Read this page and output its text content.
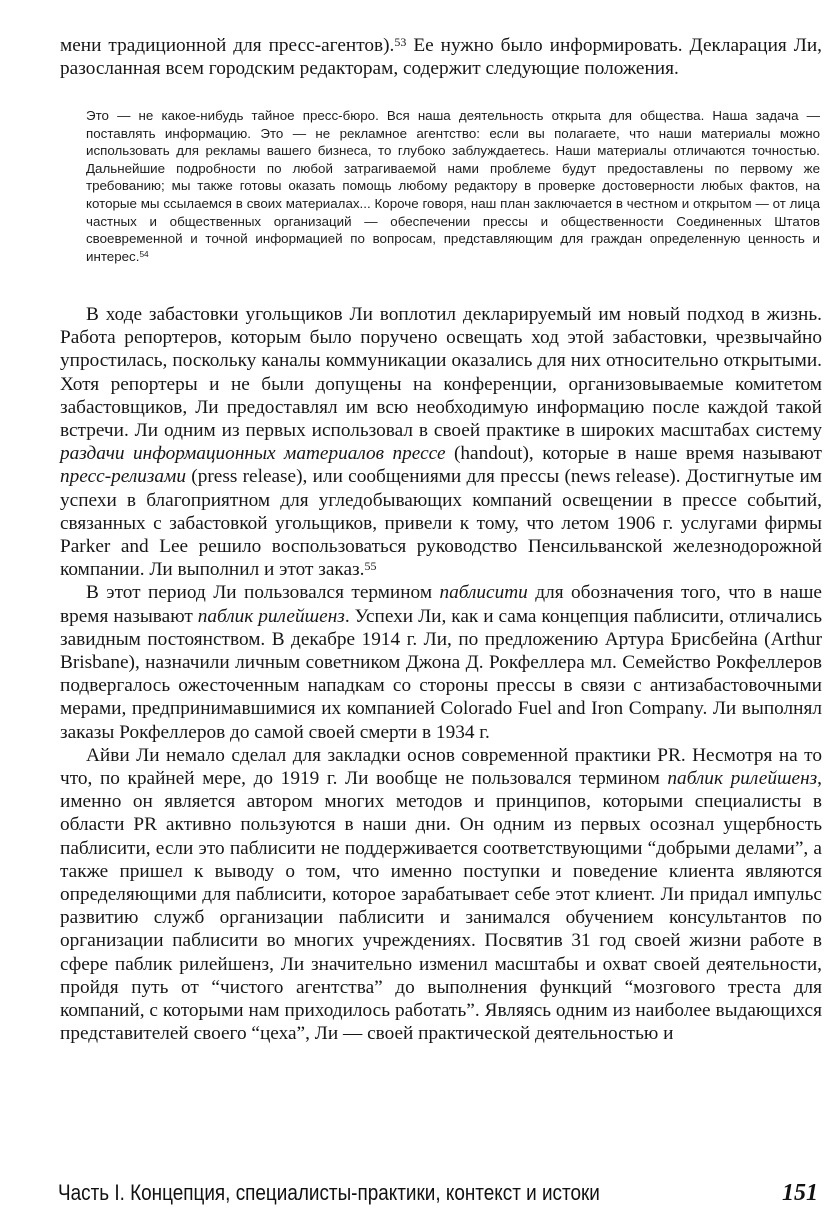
мени традиционной для пресс-агентов).$^{53}$ Ее нужно было информировать. Декларация Ли, разосланная всем городским редакторам, содержит следующие положения.
Это — не какое-нибудь тайное пресс-бюро. Вся наша деятельность открыта для общества. Наша задача — поставлять информацию. Это — не рекламное агентство: если вы полагаете, что наши материалы можно использовать для рекламы вашего бизнеса, то глубоко заблуждаетесь. Наши материалы отличаются точностью. Дальнейшие подробности по любой затрагиваемой нами проблеме будут предоставлены по первому же требованию; мы также готовы оказать помощь любому редактору в проверке достоверности любых фактов, на которые мы ссылаемся в своих материалах... Короче говоря, наш план заключается в честном и открытом — от лица частных и общественных организаций — обеспечении прессы и общественности Соединенных Штатов своевременной и точной информацией по вопросам, представляющим для граждан определенную ценность и интерес.$^{54}$

В ходе забастовки угольщиков Ли воплотил декларируемый им новый подход в жизнь. Работа репортеров, которым было поручено освещать ход этой забастовки, чрезвычайно упростилась, поскольку каналы коммуникации оказались для них относительно открытыми. Хотя репортеры и не были допущены на конференции, организовываемые комитетом забастовщиков, Ли предоставлял им всю необходимую информацию после каждой такой встречи. Ли одним из первых использовал в своей практике в широких масштабах систему раздачи информационных материалов прессе (handout), которые в наше время называют пресс-релизами (press release), или сообщениями для прессы (news release). Достигнутые им успехи в благоприятном для угледобывающих компаний освещении в прессе событий, связанных с забастовкой угольщиков, привели к тому, что летом 1906 г. услугами фирмы Parker and Lee решило воспользоваться руководство Пенсильванской железнодорожной компании. Ли выполнил и этот заказ.$^{55}$

В этот период Ли пользовался термином паблисити для обозначения того, что в наше время называют паблик рилейшенз. Успехи Ли, как и сама концепция паблисити, отличались завидным постоянством. В декабре 1914 г. Ли, по предложению Артура Брисбейна (Arthur Brisbane), назначили личным советником Джона Д. Рокфеллера мл. Семейство Рокфеллеров подвергалось ожесточенным нападкам со стороны прессы в связи с антизабастовочными мерами, предпринимавшимися их компанией Colorado Fuel and Iron Company. Ли выполнял заказы Рокфеллеров до самой своей смерти в 1934 г.

Айви Ли немало сделал для закладки основ современной практики PR. Несмотря на то что, по крайней мере, до 1919 г. Ли вообще не пользовался термином паблик рилейшенз, именно он является автором многих методов и принципов, которыми специалисты в области PR активно пользуются в наши дни. Он одним из первых осознал ущербность паблисити, если это паблисити не поддерживается соответствующими “добрыми делами”, а также пришел к выводу о том, что именно поступки и поведение клиента являются определяющими для паблисити, которое зарабатывает себе этот клиент. Ли придал импульс развитию служб организации паблисити и занимался обучением консультантов по организации паблисити во многих учреждениях. Посвятив 31 год своей жизни работе в сфере паблик рилейшенз, Ли значительно изменил масштабы и охват своей деятельности, пройдя путь от “чистого агентства” до выполнения функций “мозгового треста для компаний, с которыми нам приходилось работать”. Являясь одним из наиболее выдающихся представителей своего “цеха”, Ли — своей практической деятельностью и

Часть I. Концепция, специалисты-практики, контекст и истоки	151
